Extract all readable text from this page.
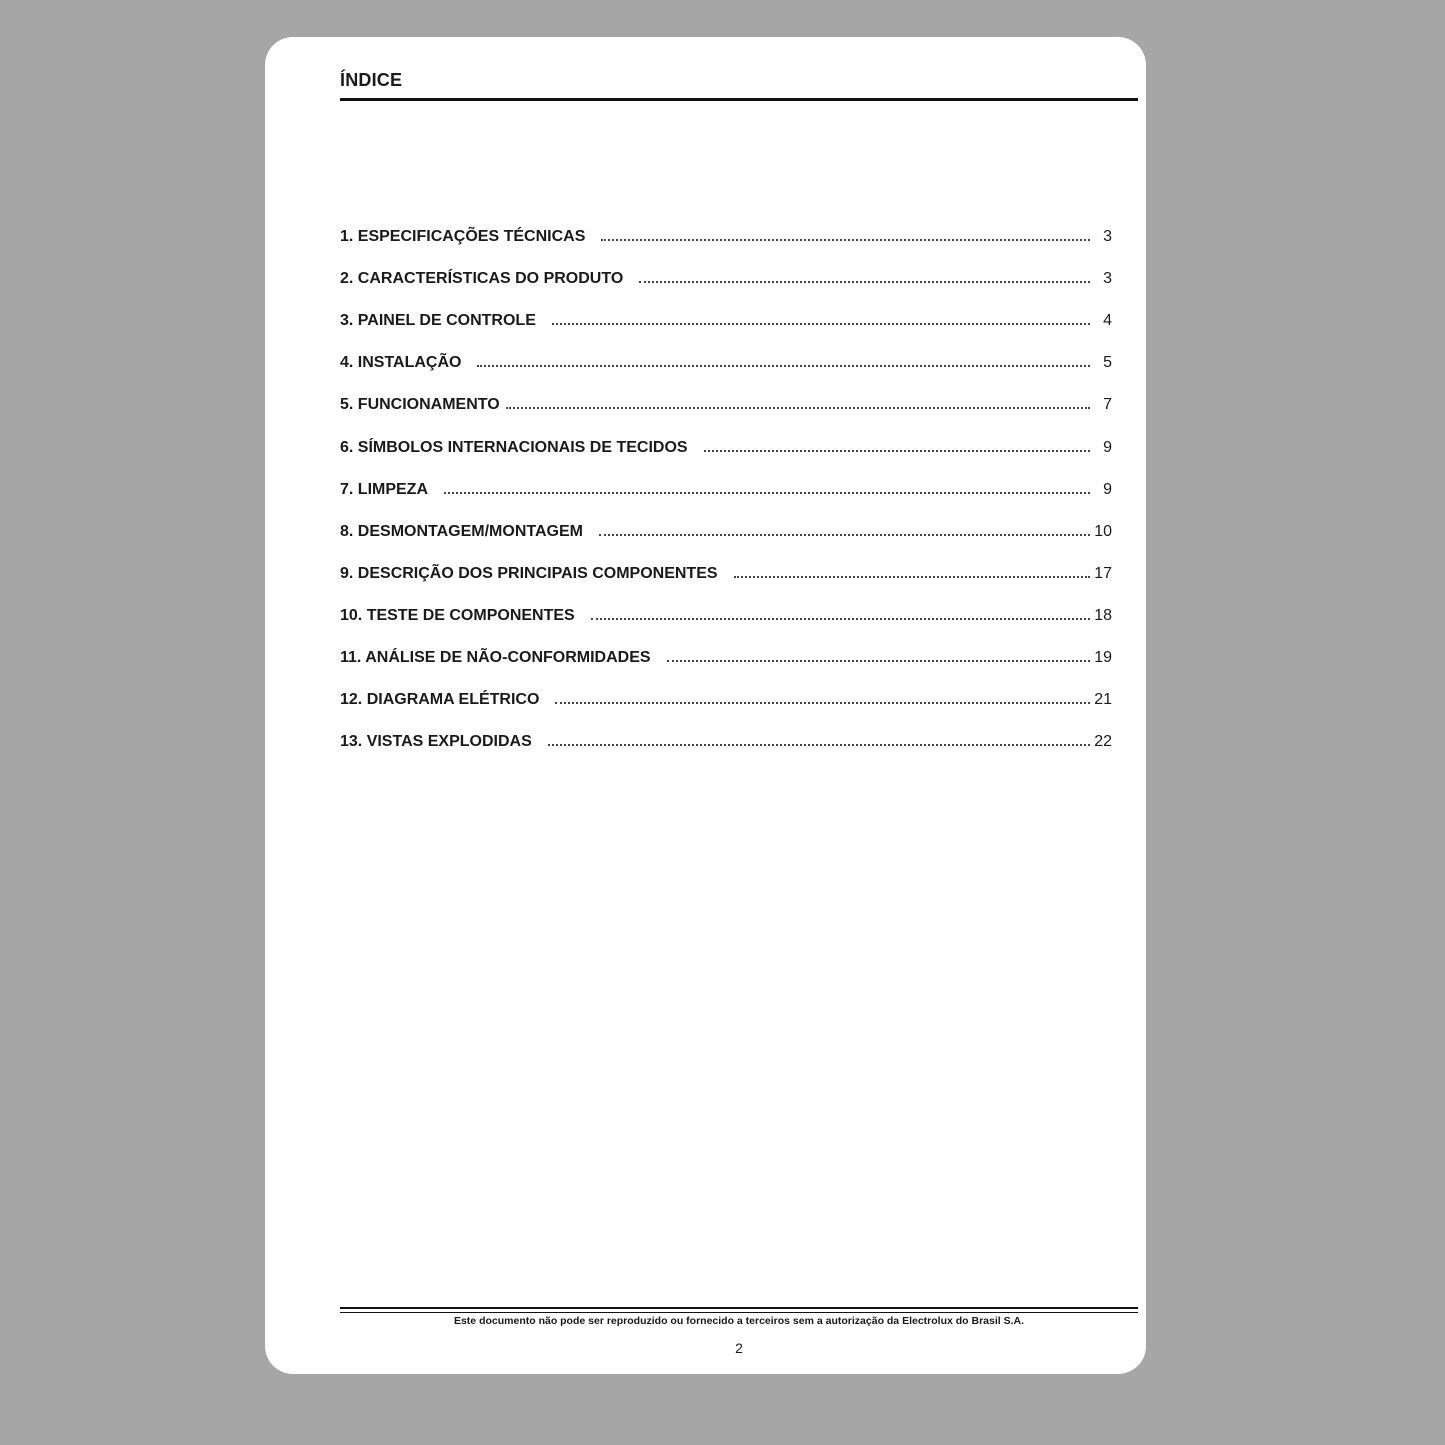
ÍNDICE
1. ESPECIFICAÇÕES TÉCNICAS	3
2. CARACTERÍSTICAS DO PRODUTO	3
3. PAINEL DE CONTROLE	4
4. INSTALAÇÃO	5
5. FUNCIONAMENTO	7
6. SÍMBOLOS INTERNACIONAIS DE TECIDOS	9
7. LIMPEZA	9
8. DESMONTAGEM/MONTAGEM	10
9. DESCRIÇÃO DOS PRINCIPAIS COMPONENTES	17
10. TESTE DE COMPONENTES	18
11. ANÁLISE DE NÃO-CONFORMIDADES	19
12. DIAGRAMA ELÉTRICO	21
13. VISTAS EXPLODIDAS	22
Este documento não pode ser reproduzido ou fornecido a terceiros sem a autorização da Electrolux do Brasil S.A.
2
